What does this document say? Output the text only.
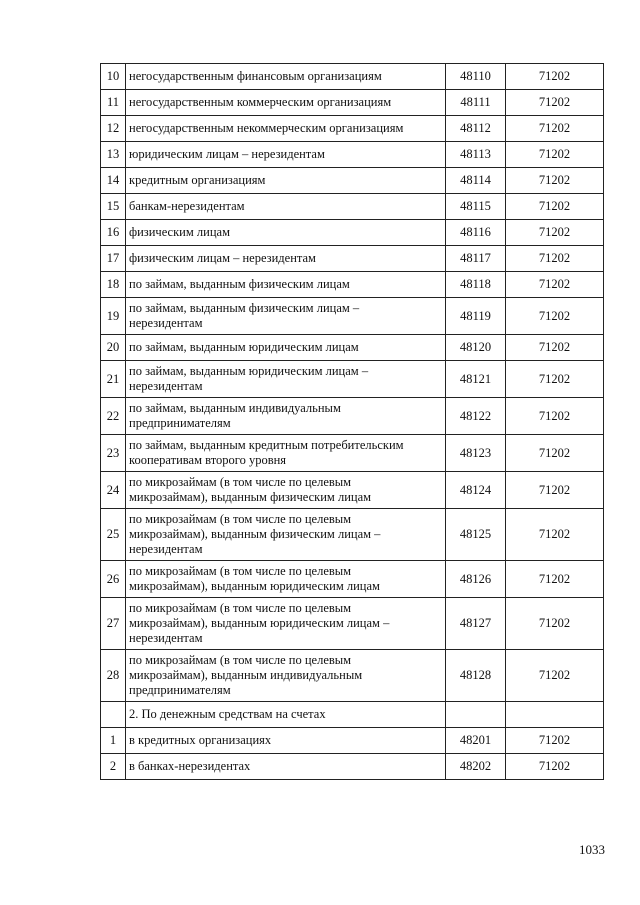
10	негосударственным финансовым организациям	48110	71202
11	негосударственным коммерческим организациям	48111	71202
12	негосударственным некоммерческим организациям	48112	71202
13	юридическим лицам – нерезидентам	48113	71202
14	кредитным организациям	48114	71202
15	банкам-нерезидентам	48115	71202
16	физическим лицам	48116	71202
17	физическим лицам – нерезидентам	48117	71202
18	по займам, выданным физическим лицам	48118	71202
19	по займам, выданным физическим лицам –
нерезидентам	48119	71202
20	по займам, выданным юридическим лицам	48120	71202
21	по займам, выданным юридическим лицам –
нерезидентам	48121	71202
22	по займам, выданным индивидуальным
предпринимателям	48122	71202
23	по займам, выданным кредитным потребительским
кооперативам второго уровня	48123	71202
24	по микрозаймам (в том числе по целевым
микрозаймам), выданным физическим лицам	48124	71202
25	по микрозаймам (в том числе по целевым
микрозаймам), выданным физическим лицам –
нерезидентам	48125	71202
26	по микрозаймам (в том числе по целевым
микрозаймам), выданным юридическим лицам	48126	71202
27	по микрозаймам (в том числе по целевым
микрозаймам), выданным юридическим лицам –
нерезидентам	48127	71202
28	по микрозаймам (в том числе по целевым
микрозаймам), выданным индивидуальным
предпринимателям	48128	71202

	2. По денежным средствам на счетах		

1	в кредитных организациях	48201	71202
2	в банках-нерезидентах	48202	71202
1033
